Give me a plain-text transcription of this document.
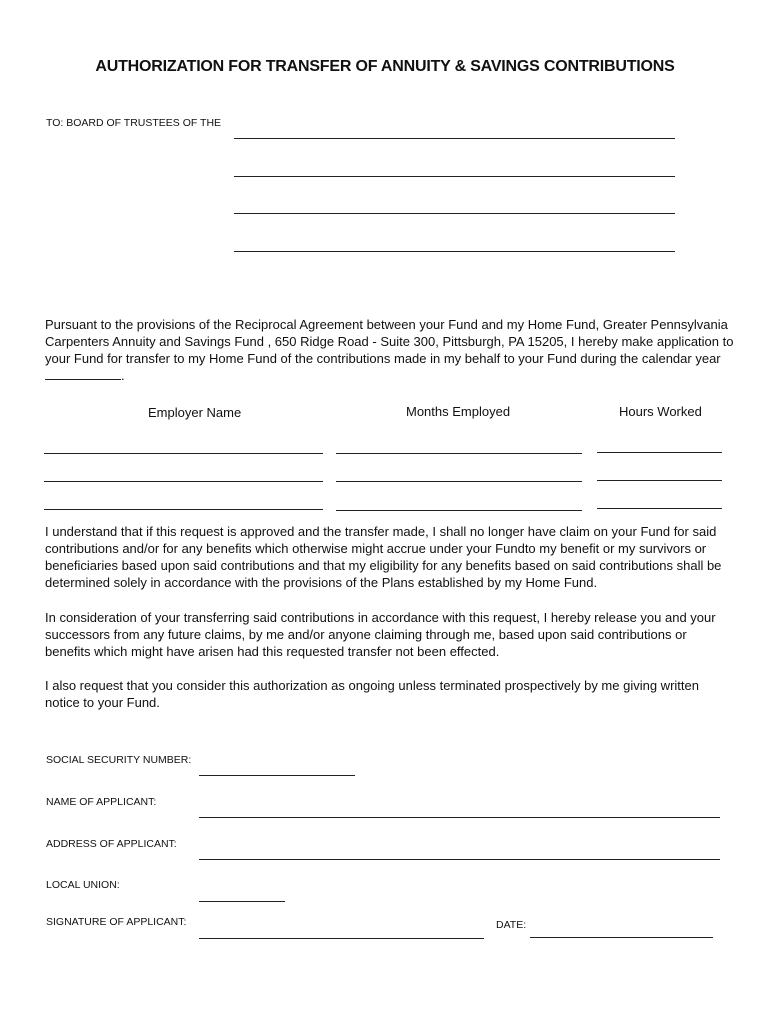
AUTHORIZATION FOR TRANSFER OF ANNUITY & SAVINGS CONTRIBUTIONS
TO: BOARD OF TRUSTEES OF THE
Pursuant to the provisions of the Reciprocal Agreement between your Fund and my Home Fund, Greater Pennsylvania Carpenters Annuity and Savings Fund , 650 Ridge Road - Suite 300, Pittsburgh, PA 15205, I hereby make application to your Fund for transfer to my Home Fund of the contributions made in my behalf to your Fund during the calendar year .
Employer Name	Months Employed	Hours Worked
I understand that if this request is approved and the transfer made, I shall no longer have claim on your Fund for said contributions and/or for any benefits which otherwise might accrue under your Fundto my benefit or my survivors or beneficiaries based upon said contributions and that my eligibility for any benefits based on said contributions shall be determined solely in accordance with the provisions of the Plans established by my Home Fund.
In consideration of your transferring said contributions in accordance with this request, I hereby release you and your successors from any future claims, by me and/or anyone claiming through me, based upon said contributions or benefits which might have arisen had this requested transfer not been effected.
I also request that you consider this authorization as ongoing unless terminated prospectively by me giving written notice to your Fund.
SOCIAL SECURITY NUMBER:
NAME OF APPLICANT:
ADDRESS OF APPLICANT:
LOCAL UNION:
SIGNATURE OF APPLICANT:	DATE:
